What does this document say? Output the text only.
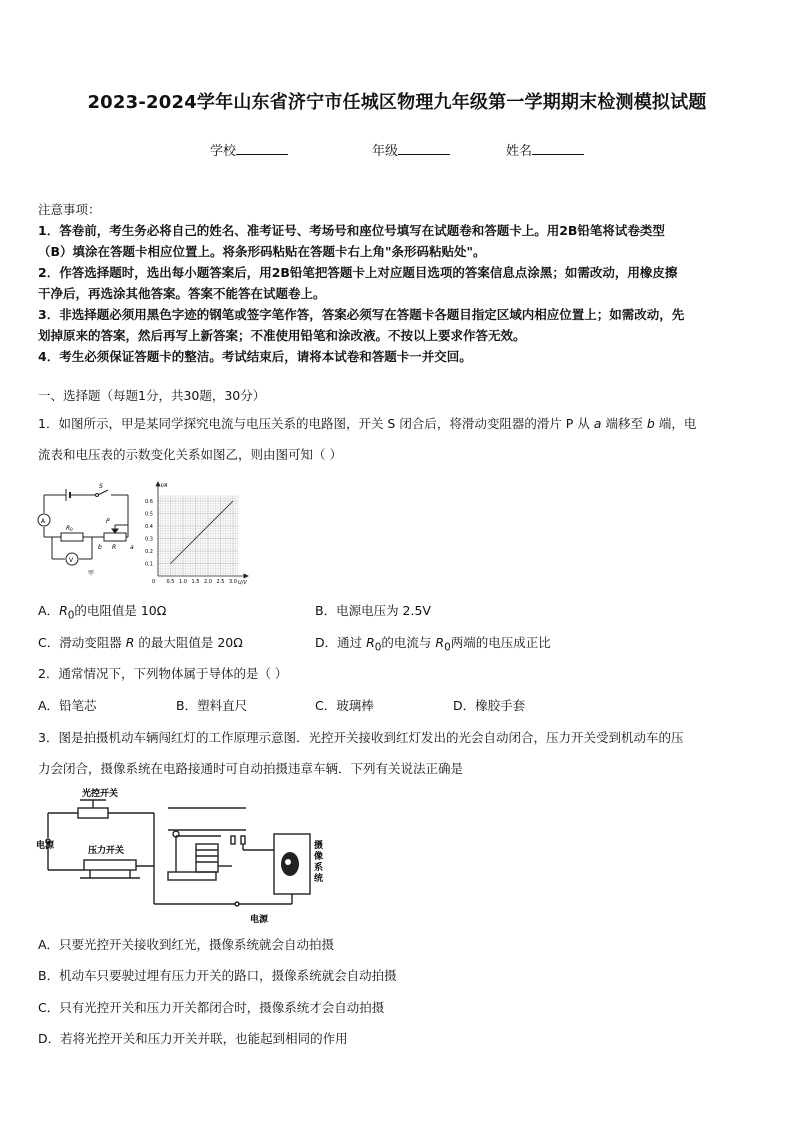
2023-2024学年山东省济宁市任城区物理九年级第一学期期末检测模拟试题
学校	年级	姓名
注意事项：
1．答卷前，考生务必将自己的姓名、准考证号、考场号和座位号填写在试题卷和答题卡上。用2B铅笔将试卷类型
（B）填涂在答题卡相应位置上。将条形码粘贴在答题卡右上角"条形码粘贴处"。
2．作答选择题时，选出每小题答案后，用2B铅笔把答题卡上对应题目选项的答案信息点涂黑；如需改动，用橡皮擦
干净后，再选涂其他答案。答案不能答在试题卷上。
3．非选择题必须用黑色字迹的钢笔或签字笔作答，答案必须写在答题卡各题目指定区域内相应位置上；如需改动，先
划掉原来的答案，然后再写上新答案；不准使用铅笔和涂改液。不按以上要求作答无效。
4．考生必须保证答题卡的整洁。考试结束后，请将本试卷和答题卡一并交回。
一、选择题（每题1分，共30题，30分）
1．如图所示，甲是某同学探究电流与电压关系的电路图，开关 S 闭合后，将滑动变阻器的滑片 P 从 a 端移至 b 端，电
流表和电压表的示数变化关系如图乙，则由图可知（ ）
S
A
V
R0
P
b R a
甲
I/A
U/V
0
0.6
0.5
0.4
0.3
0.2
0.1
0.5 1.0 1.5 2.0 2.5 3.0
A．$R_0$的电阻值是 10Ω	B．电源电压为 2.5V
C．滑动变阻器 R 的最大阻值是 20Ω	D．通过 $R_0$的电流与 $R_0$两端的电压成正比
2．通常情况下，下列物体属于导体的是（ ）
A．铅笔芯	B．塑料直尺	C．玻璃棒	D．橡胶手套
3．图是拍摄机动车辆闯红灯的工作原理示意图．光控开关接收到红灯发出的光会自动闭合，压力开关受到机动车的压
力会闭合，摄像系统在电路接通时可自动拍摄违章车辆．下列有关说法正确是
光控开关
电源	压力开关
电源
摄像系统
A．只要光控开关接收到红光，摄像系统就会自动拍摄
B．机动车只要驶过埋有压力开关的路口，摄像系统就会自动拍摄
C．只有光控开关和压力开关都闭合时，摄像系统才会自动拍摄
D．若将光控开关和压力开关并联，也能起到相同的作用
